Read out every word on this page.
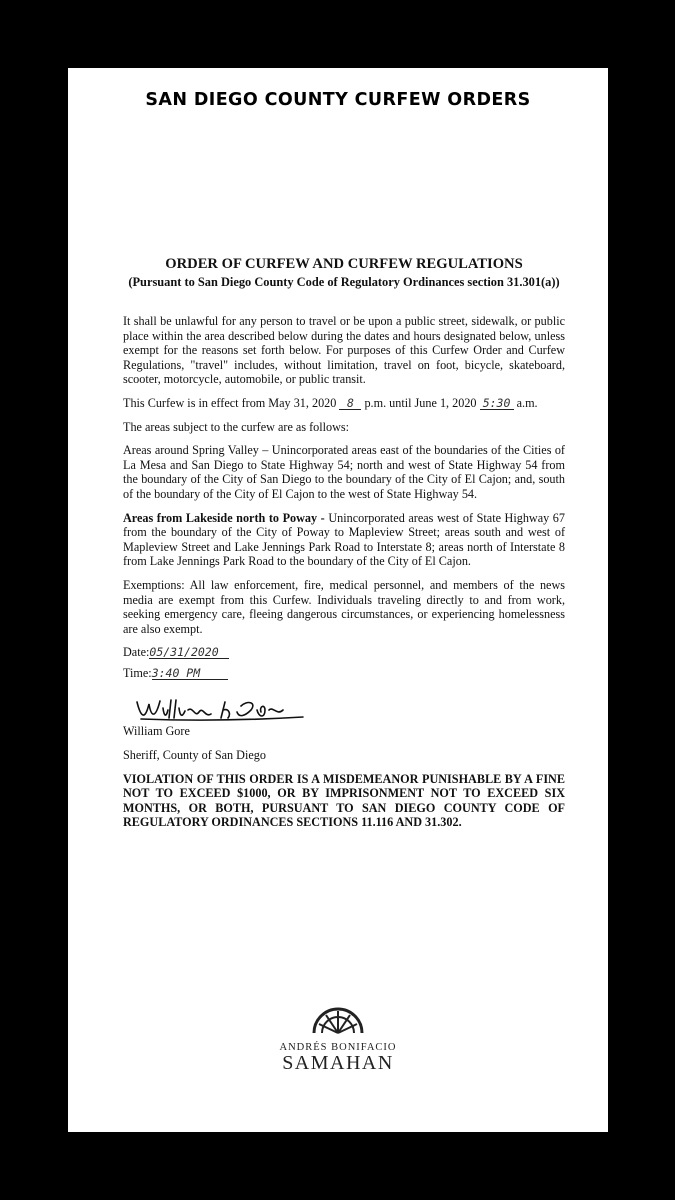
SAN DIEGO COUNTY CURFEW ORDERS
ORDER OF CURFEW AND CURFEW REGULATIONS
(Pursuant to San Diego County Code of Regulatory Ordinances section 31.301(a))

It shall be unlawful for any person to travel or be upon a public street, sidewalk, or public place within the area described below during the dates and hours designated below, unless exempt for the reasons set forth below. For purposes of this Curfew Order and Curfew Regulations, "travel" includes, without limitation, travel on foot, bicycle, skateboard, scooter, motorcycle, automobile, or public transit.

This Curfew is in effect from May 31, 2020 8 p.m. until June 1, 2020 5:30 a.m.

The areas subject to the curfew are as follows:

Areas around Spring Valley – Unincorporated areas east of the boundaries of the Cities of La Mesa and San Diego to State Highway 54; north and west of State Highway 54 from the boundary of the City of San Diego to the boundary of the City of El Cajon; and, south of the boundary of the City of El Cajon to the west of State Highway 54.

Areas from Lakeside north to Poway - Unincorporated areas west of State Highway 67 from the boundary of the City of Poway to Mapleview Street; areas south and west of Mapleview Street and Lake Jennings Park Road to Interstate 8; areas north of Interstate 8 from Lake Jennings Park Road to the boundary of the City of El Cajon.

Exemptions: All law enforcement, fire, medical personnel, and members of the news media are exempt from this Curfew. Individuals traveling directly to and from work, seeking emergency care, fleeing dangerous circumstances, or experiencing homelessness are also exempt.

Date:05/31/2020
Time:3:40 PM

William Gore

Sheriff, County of San Diego

VIOLATION OF THIS ORDER IS A MISDEMEANOR PUNISHABLE BY A FINE NOT TO EXCEED $1000, OR BY IMPRISONMENT NOT TO EXCEED SIX MONTHS, OR BOTH, PURSUANT TO SAN DIEGO COUNTY CODE OF REGULATORY ORDINANCES SECTIONS 11.116 AND 31.302.

ANDRÉS BONIFACIO
SAMAHAN
